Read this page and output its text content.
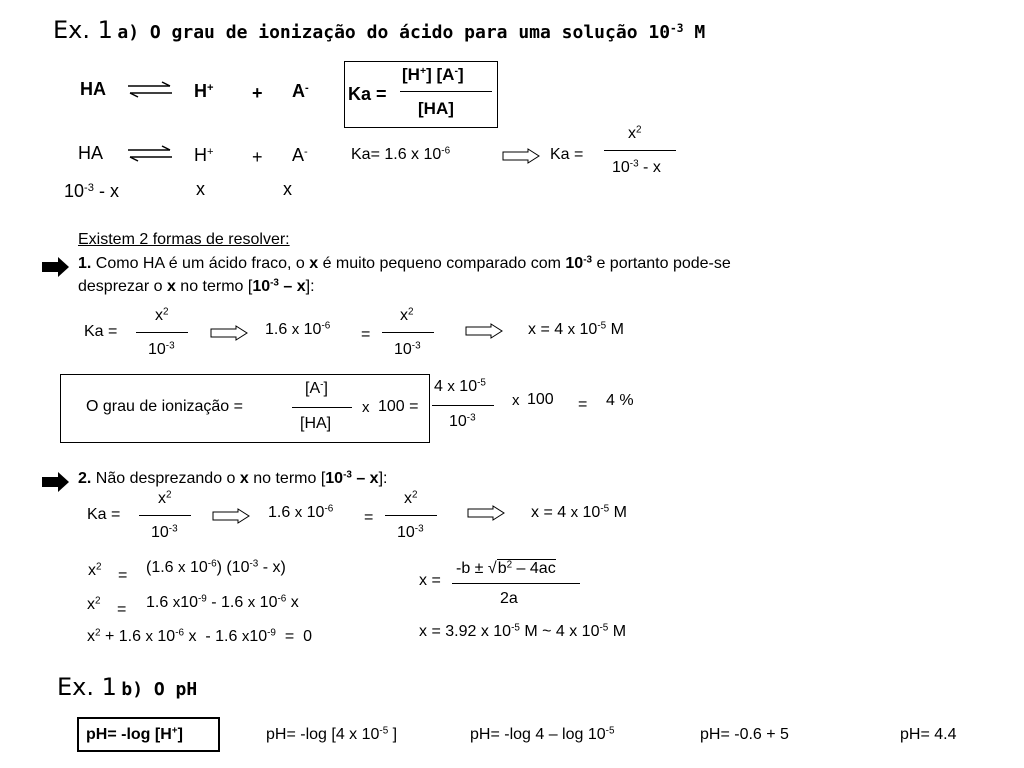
Ex. 1 a) O grau de ionização do ácido para uma solução $10^{-3}$ M
HA ⇌ H+ + A- Ka =
[H+] [A-]
[HA]
HA ⇌ H+ + A-	Ka= 1.6 x $10^{-6}$	Ka =
$x^2$
$10^{-3}$ - x
$10^{-3}$ - x	x	x
Existem 2 formas de resolver:
1. Como HA é um ácido fraco, o x é muito pequeno comparado com $10^{-3}$ e portanto pode-se
desprezar o x no termo $[10^{-3} - x]$:
Ka =
$x^2$
$10^{-3}$
1.6 x $10^{-6}$ =
$x^2$
$10^{-3}$
x = 4 x $10^{-5}$ M
O grau de ionização =
[A-]
[HA]
x 100 =
4 x $10^{-5}$
$10^{-3}$
x 100 = 4 %
2. Não desprezando o x no termo $[10^{-3} - x]$:
Ka =
$x^2$
$10^{-3}$
1.6 x $10^{-6}$ =
$x^2$
$10^{-3}$
x = 4 x $10^{-5}$ M
$x^2 = (1.6$ x $10^{-6}$) $(10^{-3} - x)$
$x^2 = 1.6$ $x10^{-9} - 1.6$ x $10^{-6}$ x
$x^2 + 1.6$ x $10^{-6}$ x - 1.6 $x10^{-9} = 0$
x =
$-b \pm √b^2 - 4ac$
2a
x = 3.92 x $10^{-5}$ M ~ 4 x $10^{-5}$ M
Ex. 1 b) O pH
pH= -log [H+]	pH= -log [4 x $10^{-5}$ ]	pH= -log $4 - \log 10^{-5}$	pH= -0.6 + 5	pH= 4.4
